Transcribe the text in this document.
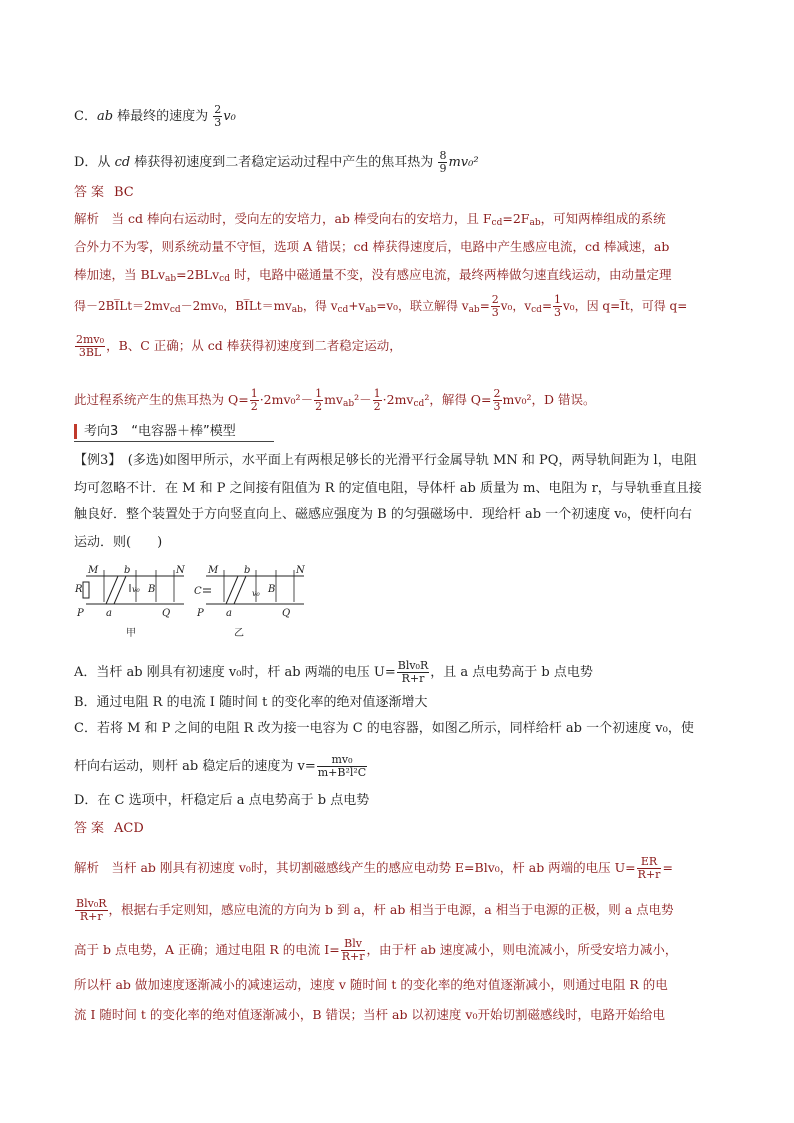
C．ab 棒最终的速度为 $\frac{2}{3} v_0$
D．从 cd 棒获得初速度到二者稳定运动过程中产生的焦耳热为 $\frac{8}{9} mv_0^2$
答案 BC
解析　当 cd 棒向右运动时，受向左的安培力，ab 棒受向右的安培力，且 $F_{cd}=2F_{ab}$，可知两棒组成的系统
合外力不为零，则系统动量不守恒，选项 A 错误；cd 棒获得速度后，电路中产生感应电流，cd 棒减速，ab
棒加速，当 BLv$_{ab}$=2BLv$_{cd}$ 时，电路中磁通量不变，没有感应电流，最终两棒做匀速直线运动，由动量定理
得$-2BI̅Lt=2mv_{cd}-2mv_0$，$BI̅Lt=mv_{ab}$，得 $v_{cd}+v_{ab}=v_0$，联立解得 $v_{ab}= \frac{2}{3} v_0$，$v_{cd}= \frac{1}{3} v_0$，因 q=I̅t，可得 q=
$\frac{\text{2mv₀}}{3BL}$ ，B、C 正确；从 cd 棒获得初速度到二者稳定运动，
此过程系统产生的焦耳热为 $Q= \frac{1}{2} \cdot 2mv_0^2- \frac{1}{2} mv_{ab}^2- \frac{1}{2} \cdot 2mv_{cd}^2$，解得 $Q= \frac{2}{3} mv_0^2$，D 错误。
考向3　“电容器＋棒”模型
【例3】　(多选)如图甲所示，水平面上有两根足够长的光滑平行金属导轨 MN 和 PQ，两导轨间距为 l，电阻
均可忽略不计．在 M 和 P 之间接有阻值为 R 的定值电阻，导体杆 ab 质量为 m、电阻为 r，与导轨垂直且接
触良好．整个装置处于方向竖直向上、磁感应强度为 B 的匀强磁场中．现给杆 ab 一个初速度 v₀，使杆向右
运动．则(　　)
M	N
R
P	Q
a
b
B
v₀
甲
M	N
C
P	Q
a
b
B
v₀
乙
A．当杆 ab 刚具有初速度 v₀时，杆 ab 两端的电压 $U= \frac{\text{Blv₀R}}{R+r}$ ，且 a 点电势高于 b 点电势
B．通过电阻 R 的电流 I 随时间 t 的变化率的绝对值逐渐增大
C．若将 M 和 P 之间的电阻 R 改为接一电容为 C 的电容器，如图乙所示，同样给杆 ab 一个初速度 v₀，使
杆向右运动，则杆 ab 稳定后的速度为 $v= \frac{\text{mv₀}}{\text{m+B²l²C}}$
D．在 C 选项中，杆稳定后 a 点电势高于 b 点电势
答案 ACD
解析　当杆 ab 刚具有初速度 v₀时，其切割磁感线产生的感应电动势 E=Blv₀，杆 ab 两端的电压 $U= \frac{ER}{R+r}$ =
$\frac{\text{Blv₀R}}{R+r}$ ，根据右手定则知，感应电流的方向为 b 到 a，杆 ab 相当于电源，a 相当于电源的正极，则 a 点电势
高于 b 点电势，A 正确；通过电阻 R 的电流 $I= \frac{\text{Blv}}{R+r}$ ，由于杆 ab 速度减小，则电流减小，所受安培力减小，
所以杆 ab 做加速度逐渐减小的减速运动，速度 v 随时间 t 的变化率的绝对值逐渐减小，则通过电阻 R 的电
流 I 随时间 t 的变化率的绝对值逐渐减小，B 错误；当杆 ab 以初速度 v₀开始切割磁感线时，电路开始给电
